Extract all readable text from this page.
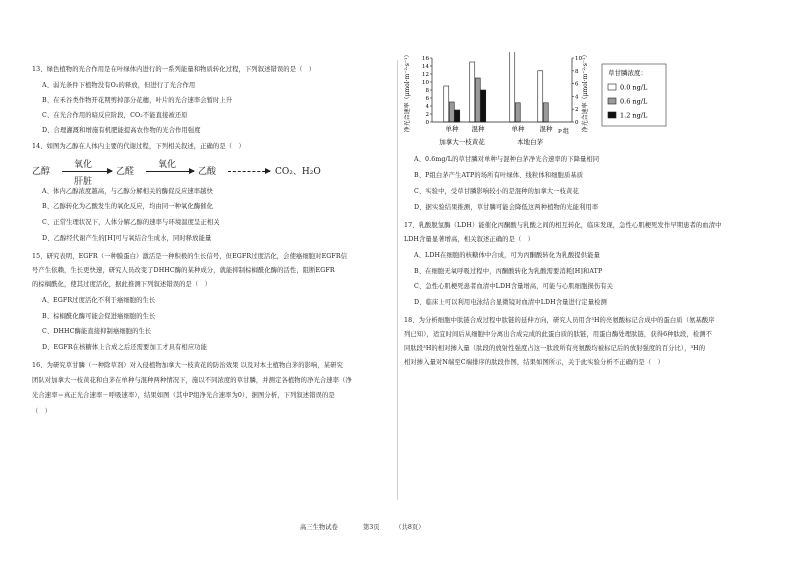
13、绿色植物的光合作用是在叶绿体内进行的一系列能量和物质转化过程，下列叙述错误的是（　）
A、弱光条件下植物没有O₂的释放，但进行了光合作用
B、在禾谷类作物开花期剪掉部分花穗，叶片的光合速率会暂时上升
C、在光合作用的暗反应阶段，CO₂不能直接被还原
D、合理灌溉和增施有机肥能提高农作物的光合作用强度
14、如图为乙醇在人体内主要的代谢过程，下列相关叙述，正确的是（　）
乙醇
氧化
肝脏
乙醛
氧化
乙酸	CO₂、H₂O
A、体内乙醇浓度越高，与乙醇分解相关的酶促反应速率越快
B、乙醇转化为乙酸发生的氧化反应，均由同一种氧化酶催化
C、正常生理状况下，人体分解乙醇的速率与环境温度呈正相关
D、乙醇经代谢产生的[H]可与氧结合生成水，同时释放能量
15、研究表明，EGFR（一种膜蛋白）激活是一种积极的生长信号，但EGFR过度活化，会使癌细胞对EGFR信
号产生依赖，生长更快速，研究人员改变了DHHC酶的某种成分，就能抑制棕榈酰化酶的活性，阻断EGFR
的棕榈酰化，使其过度活化，据此推测下列叙述错误的是（　）
A、EGFR过度活化不利于癌细胞的生长
B、棕榈酰化酶可能会促进癌细胞的生长
C、DHHC酶能直接抑制癌细胞的生长
D、EGFR在核糖体上合成之后还需要加工才具有相应功能
16、为研究草甘膦（一种除草剂）对入侵植物加拿大一枝黄花的防治效果 以及对本土植物白茅的影响，某研究
团队对加拿大一枝黄花和白茅在单种与混种两种情况下，施以不同浓度的草甘膦，并测定各植物的净光合速率（净
光合速率＝真正光合速率－呼吸速率），结果如图（其中P组净光合速率为0），据图分析，下列叙述错误的是
（　）
净光合速率（μmol·m⁻²·s⁻¹）	0
2
4
6
8
10
12
14
16
0
2
4
6
8
10 净光合速率（μmol·m⁻²·s⁻¹）
单种 混种	单种 混种 P 组
加拿大一枝黄花	本地白茅
草甘膦浓度：
0.0 ng/L
0.6 ng/L
1.2 ng/L
A、0.6mg/L的草甘膦对单种与混种白茅净光合速率的下降量相同
B、P组白茅产生ATP的场所有叶绿体、线粒体和细胞质基质
C、实验中，受草甘膦影响较小的是混种的加拿大一枝黄花
D、据实验结果推测，草甘膦可能会降低这两种植物的光能利用率
17、乳酸脱氢酶（LDH）能催化丙酮酸与乳酸之间的相互转化，临床发现，急性心肌梗死发作早期患者的血清中
LDH含量显著增高，相关叙述正确的是（　）
A、LDH在细胞的核糖体中合成，可为丙酮酸转化为乳酸提供能量
B、在细胞无氧呼吸过程中，丙酮酸转化为乳酸需要消耗[H]和ATP
C、急性心肌梗死患者血清中LDH含量增高，可能与心肌细胞损伤有关
D、临床上可以利用电泳结合显微镜对血清中LDH含量进行定量检测
18、为分析细胞中肽链合成过程中肽链的延伸方向，研究人员用含³H的亮氨酸标记合成中的蛋白质（氨基酸序
列已知），适宜时间后从细胞中分离出合成完成的此蛋白质的肽链，用蛋白酶处理肽链，获得6种肽段，检测不
同肽段³H的相对掺入量（肽段的放射性强度占这一肽段所有亮氨酸均被标记后的放射强度的百分比），³H的
相对掺入量对N端至C端排序的肽段作图，结果如图所示，关于此实验分析不正确的是（　）
高三生物试卷　　　　第3页　　　（共8页）
